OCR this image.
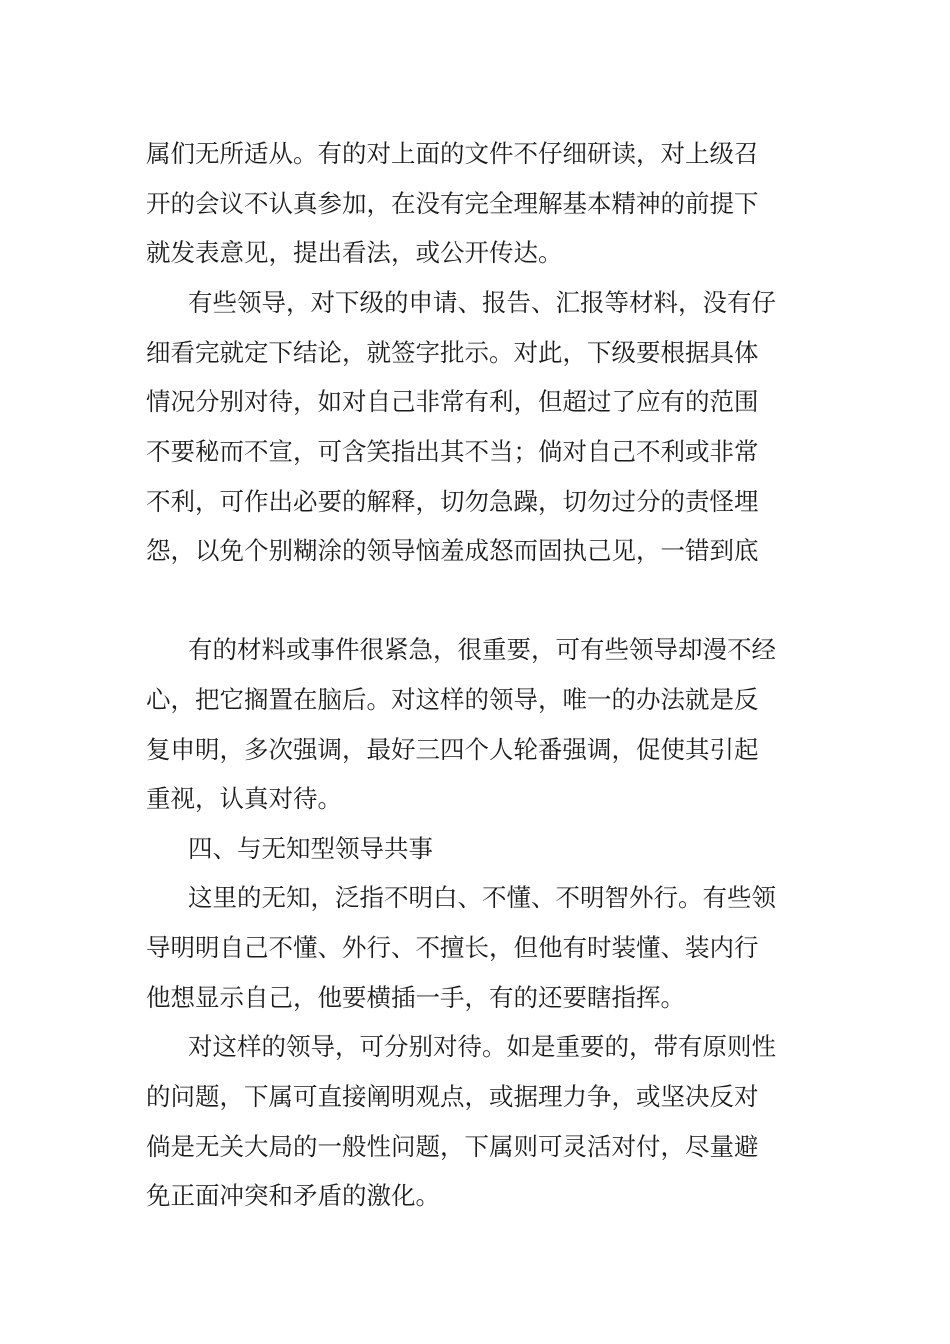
属们无所适从。有的对上面的文件不仔细研读，对上级召
开的会议不认真参加，在没有完全理解基本精神的前提下
就发表意见，提出看法，或公开传达。
有些领导，对下级的申请、报告、汇报等材料，没有仔
细看完就定下结论，就签字批示。对此，下级要根据具体
情况分别对待，如对自己非常有利，但超过了应有的范围
不要秘而不宣，可含笑指出其不当；倘对自己不利或非常
不利，可作出必要的解释，切勿急躁，切勿过分的责怪埋
怨，以免个别糊涂的领导恼羞成怒而固执己见，一错到底
有的材料或事件很紧急，很重要，可有些领导却漫不经
心，把它搁置在脑后。对这样的领导，唯一的办法就是反
复申明，多次强调，最好三四个人轮番强调，促使其引起
重视，认真对待。
四、与无知型领导共事
这里的无知，泛指不明白、不懂、不明智外行。有些领
导明明自己不懂、外行、不擅长，但他有时装懂、装内行
他想显示自己，他要横插一手，有的还要瞎指挥。
对这样的领导，可分别对待。如是重要的，带有原则性
的问题，下属可直接阐明观点，或据理力争，或坚决反对
倘是无关大局的一般性问题，下属则可灵活对付，尽量避
免正面冲突和矛盾的激化。
